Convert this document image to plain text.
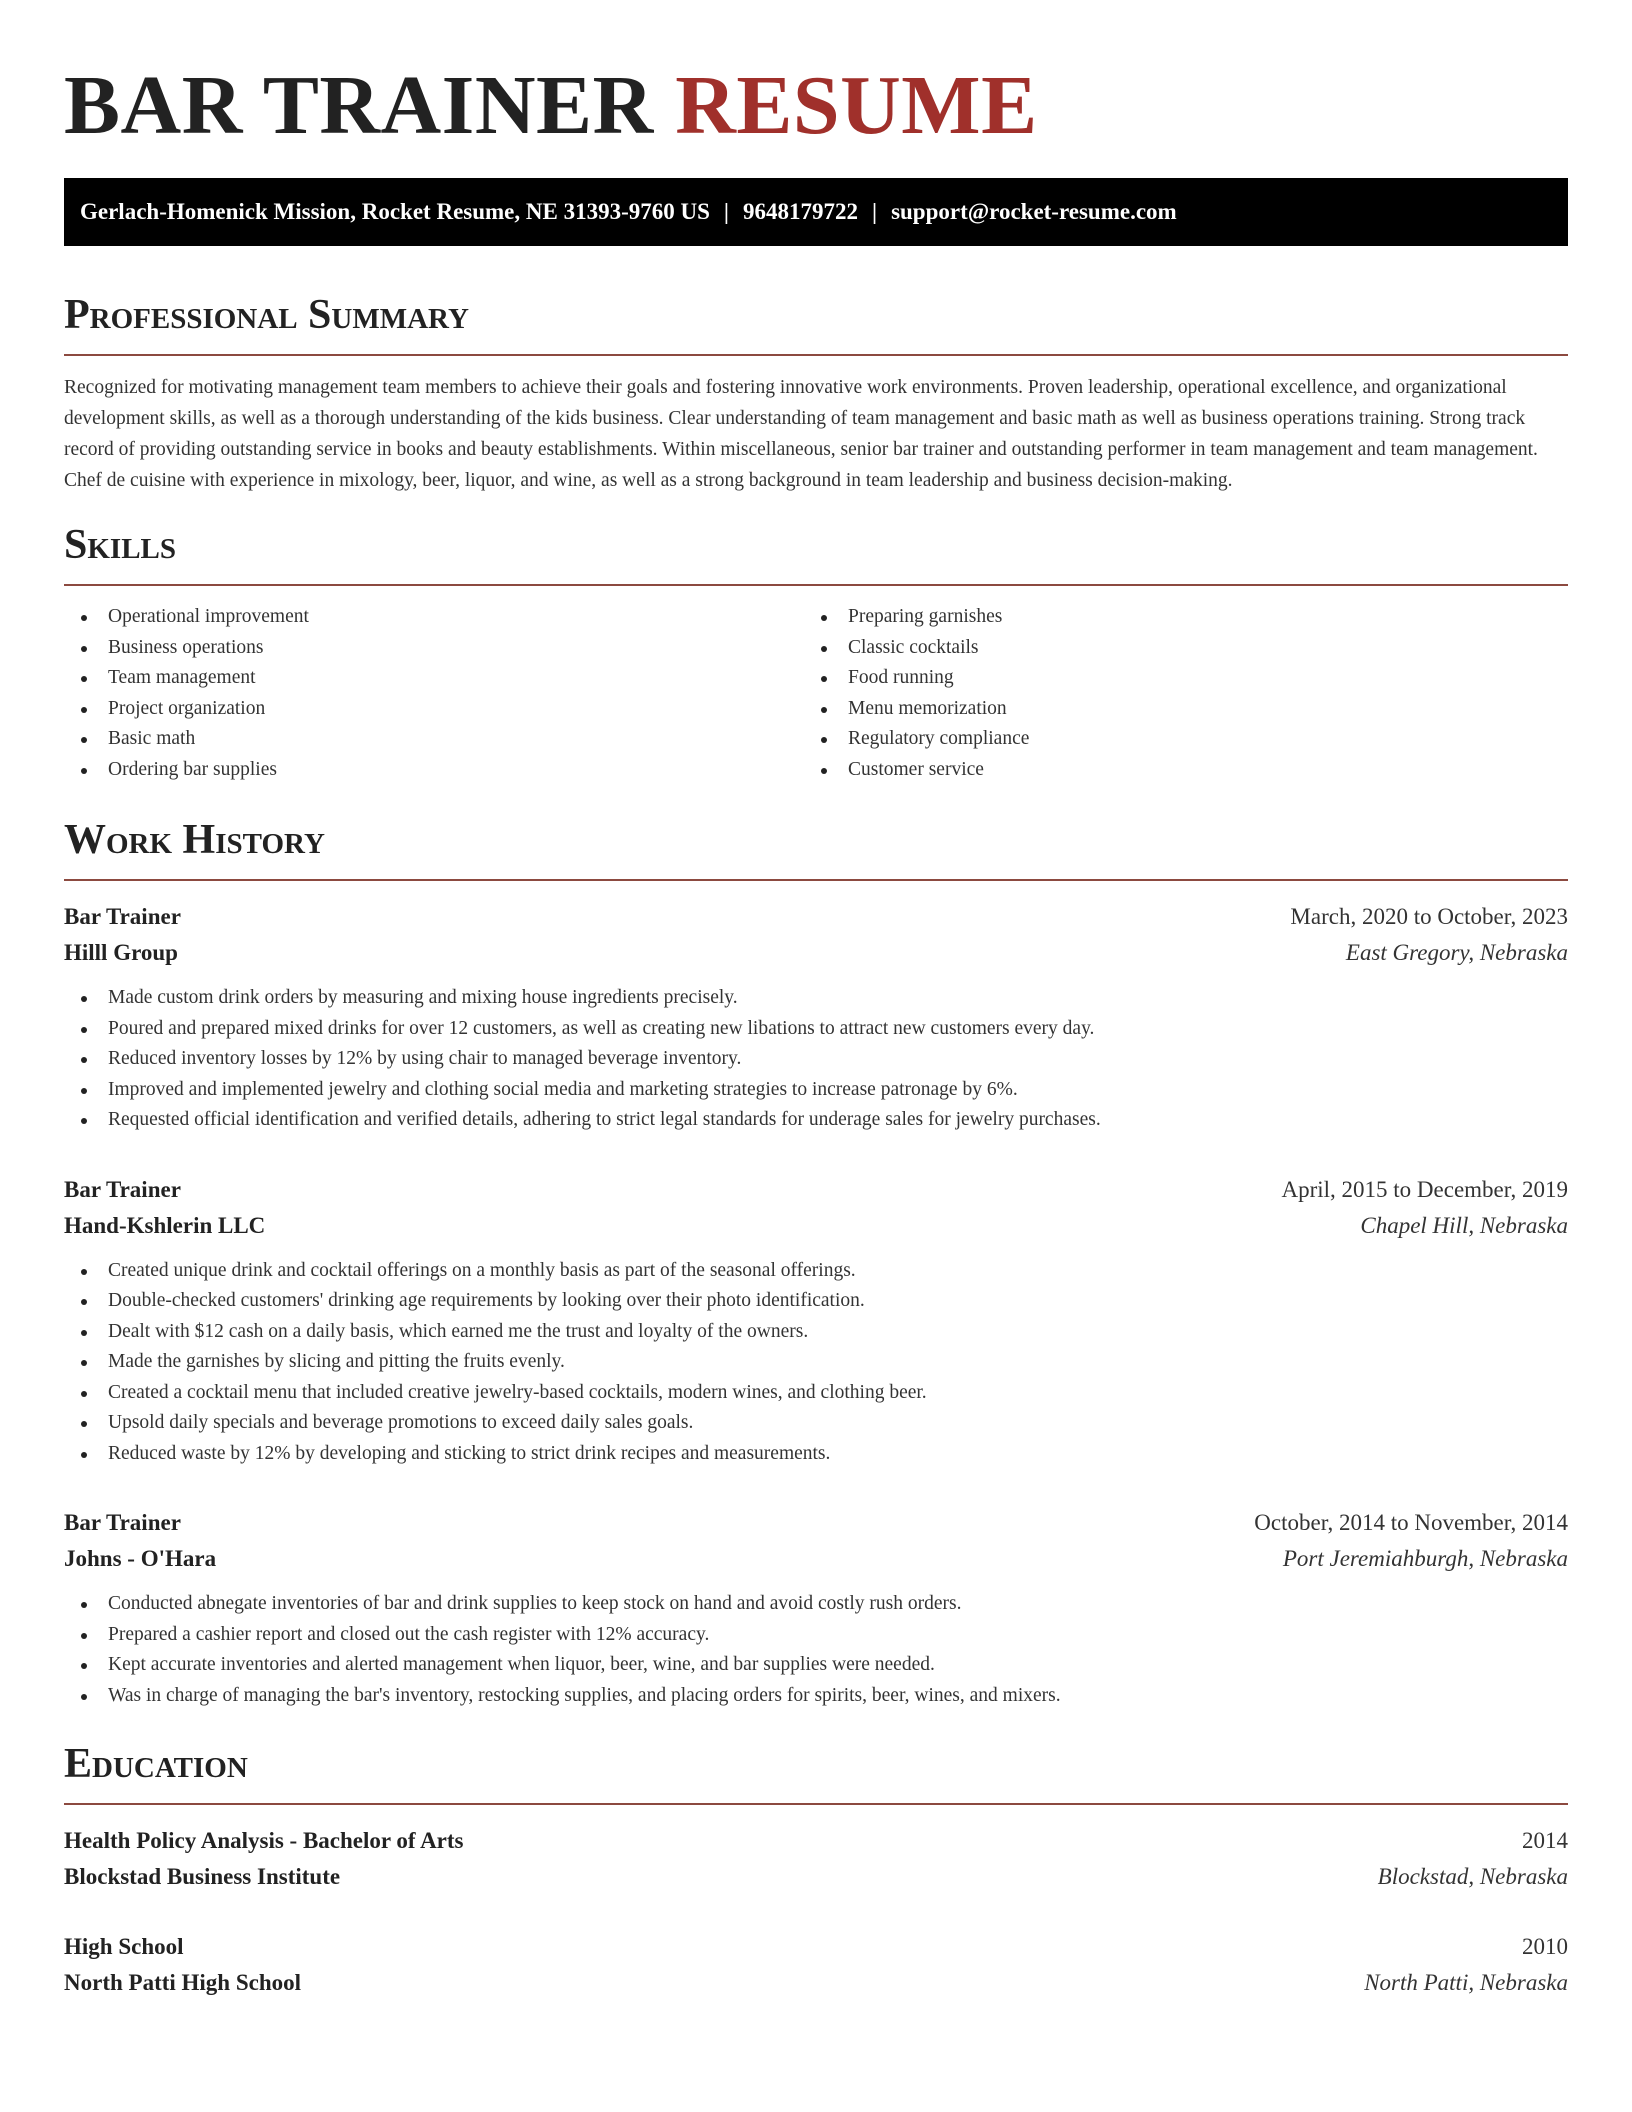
BAR TRAINER RESUME
Gerlach-Homenick Mission, Rocket Resume, NE 31393-9760 US | 9648179722 | support@rocket-resume.com
Professional Summary

Recognized for motivating management team members to achieve their goals and fostering innovative work environments. Proven leadership, operational excellence, and organizational development skills, as well as a thorough understanding of the kids business. Clear understanding of team management and basic math as well as business operations training. Strong track record of providing outstanding service in books and beauty establishments. Within miscellaneous, senior bar trainer and outstanding performer in team management and team management. Chef de cuisine with experience in mixology, beer, liquor, and wine, as well as a strong background in team leadership and business decision-making.

Skills
Operational improvement
Business operations
Team management
Project organization
Basic math
Ordering bar supplies
Preparing garnishes
Classic cocktails
Food running
Menu memorization
Regulatory compliance
Customer service
Work History
Bar Trainer	March, 2020 to October, 2023
Hilll Group	East Gregory, Nebraska
Made custom drink orders by measuring and mixing house ingredients precisely.
Poured and prepared mixed drinks for over 12 customers, as well as creating new libations to attract new customers every day.
Reduced inventory losses by 12% by using chair to managed beverage inventory.
Improved and implemented jewelry and clothing social media and marketing strategies to increase patronage by 6%.
Requested official identification and verified details, adhering to strict legal standards for underage sales for jewelry purchases.
Bar Trainer	April, 2015 to December, 2019
Hand-Kshlerin LLC	Chapel Hill, Nebraska
Created unique drink and cocktail offerings on a monthly basis as part of the seasonal offerings.
Double-checked customers' drinking age requirements by looking over their photo identification.
Dealt with $12 cash on a daily basis, which earned me the trust and loyalty of the owners.
Made the garnishes by slicing and pitting the fruits evenly.
Created a cocktail menu that included creative jewelry-based cocktails, modern wines, and clothing beer.
Upsold daily specials and beverage promotions to exceed daily sales goals.
Reduced waste by 12% by developing and sticking to strict drink recipes and measurements.
Bar Trainer	October, 2014 to November, 2014
Johns - O'Hara	Port Jeremiahburgh, Nebraska
Conducted abnegate inventories of bar and drink supplies to keep stock on hand and avoid costly rush orders.
Prepared a cashier report and closed out the cash register with 12% accuracy.
Kept accurate inventories and alerted management when liquor, beer, wine, and bar supplies were needed.
Was in charge of managing the bar's inventory, restocking supplies, and placing orders for spirits, beer, wines, and mixers.
Education
Health Policy Analysis - Bachelor of Arts	2014
Blockstad Business Institute	Blockstad, Nebraska
High School	2010
North Patti High School	North Patti, Nebraska
